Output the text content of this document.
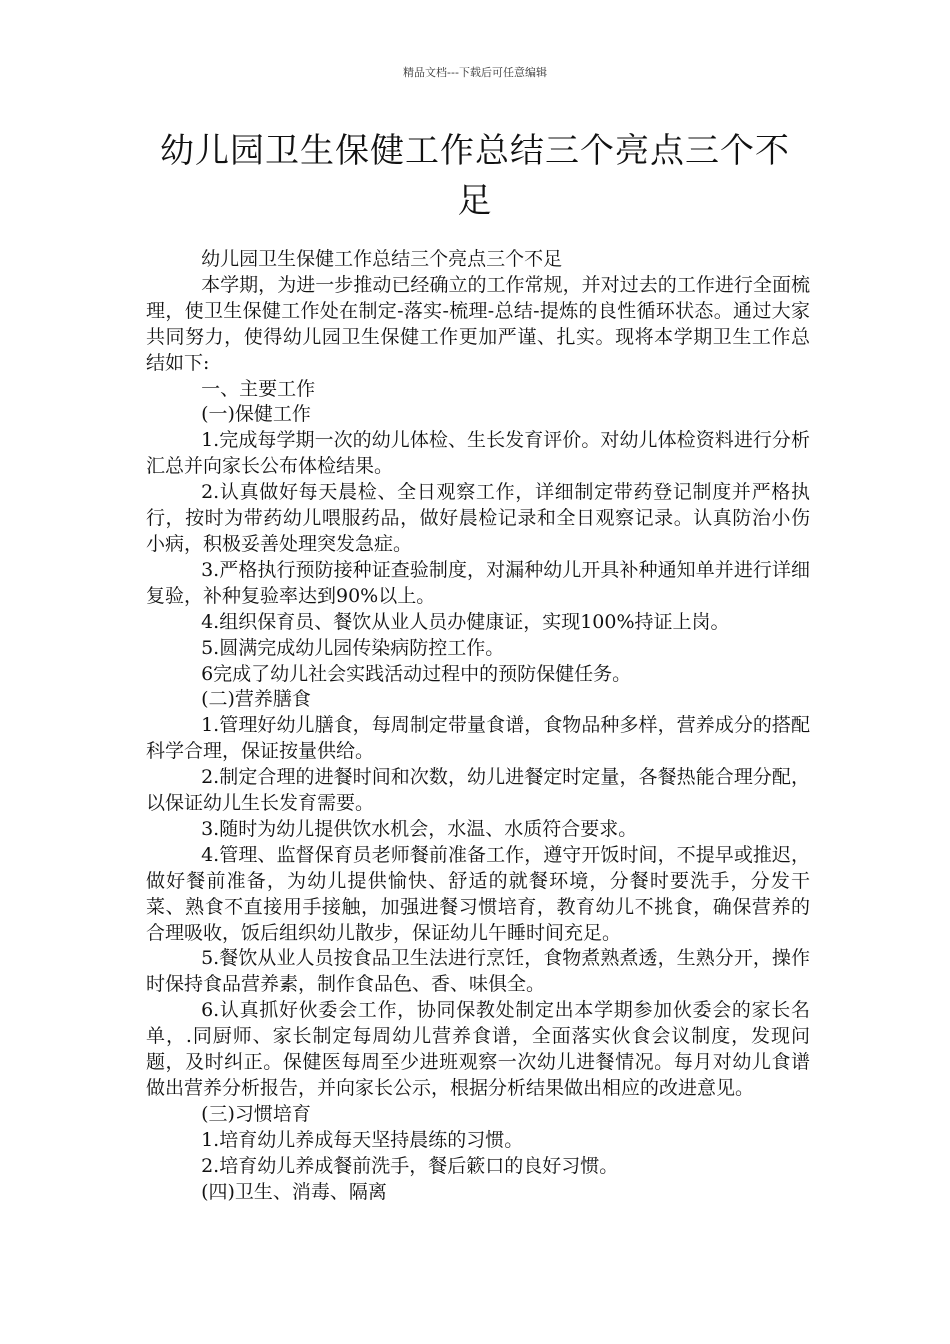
精品文档---下载后可任意编辑
幼儿园卫生保健工作总结三个亮点三个不足

幼儿园卫生保健工作总结三个亮点三个不足

本学期，为进一步推动已经确立的工作常规，并对过去的工作进行全面梳理，使卫生保健工作处在制定-落实-梳理-总结-提炼的良性循环状态。通过大家共同努力，使得幼儿园卫生保健工作更加严谨、扎实。现将本学期卫生工作总结如下:

一、主要工作

(一)保健工作

1.完成每学期一次的幼儿体检、生长发育评价。对幼儿体检资料进行分析汇总并向家长公布体检结果。

2.认真做好每天晨检、全日观察工作，详细制定带药登记制度并严格执行，按时为带药幼儿喂服药品，做好晨检记录和全日观察记录。认真防治小伤小病，积极妥善处理突发急症。

3.严格执行预防接种证查验制度，对漏种幼儿开具补种通知单并进行详细复验，补种复验率达到90%以上。

4.组织保育员、餐饮从业人员办健康证，实现100%持证上岗。

5.圆满完成幼儿园传染病防控工作。

6完成了幼儿社会实践活动过程中的预防保健任务。

(二)营养膳食

1.管理好幼儿膳食，每周制定带量食谱，食物品种多样，营养成分的搭配科学合理，保证按量供给。

2.制定合理的进餐时间和次数，幼儿进餐定时定量，各餐热能合理分配，以保证幼儿生长发育需要。

3.随时为幼儿提供饮水机会，水温、水质符合要求。

4.管理、监督保育员老师餐前准备工作，遵守开饭时间，不提早或推迟，做好餐前准备，为幼儿提供愉快、舒适的就餐环境，分餐时要洗手，分发干菜、熟食不直接用手接触，加强进餐习惯培育，教育幼儿不挑食，确保营养的合理吸收，饭后组织幼儿散步，保证幼儿午睡时间充足。

5.餐饮从业人员按食品卫生法进行烹饪，食物煮熟煮透，生熟分开，操作时保持食品营养素，制作食品色、香、味俱全。

6.认真抓好伙委会工作，协同保教处制定出本学期参加伙委会的家长名单，.同厨师、家长制定每周幼儿营养食谱，全面落实伙食会议制度，发现问题，及时纠正。保健医每周至少进班观察一次幼儿进餐情况。每月对幼儿食谱做出营养分析报告，并向家长公示，根据分析结果做出相应的改进意见。

(三)习惯培育

1.培育幼儿养成每天坚持晨练的习惯。

2.培育幼儿养成餐前洗手，餐后簌口的良好习惯。

(四)卫生、消毒、隔离
